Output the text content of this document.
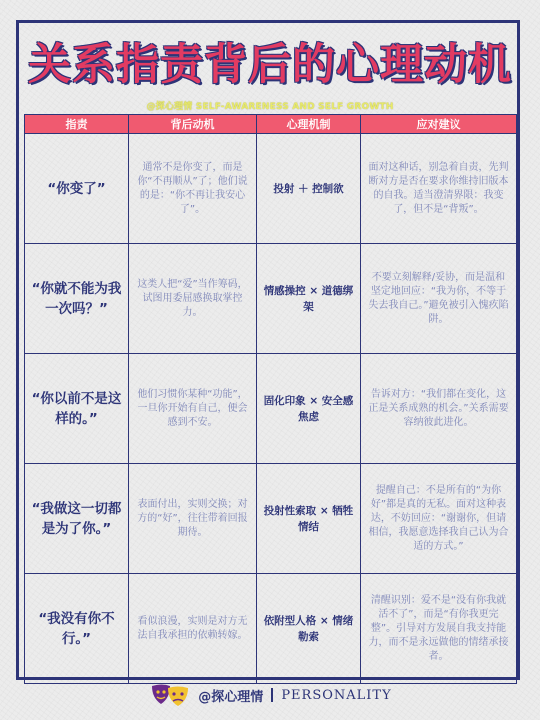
关系指责背后的心理动机
@探心理情 SELF-AWARENESS AND SELF GROWTH
指责	背后动机	心理机制	应对建议
“你变了”	通常不是你变了，而是你“不再顺从”了；他们说的是：“你不再让我安心了”。	投射 ＋ 控制欲	面对这种话，别急着自责，先判断对方是否在要求你维持旧版本的自我。适当澄清界限：我变了，但不是“背叛”。
“你就不能为我一次吗？”	这类人把“爱”当作筹码，试图用委屈感换取掌控力。	情感操控 × 道德绑架	不要立刻解释/妥协，而是温和坚定地回应：“我为你，不等于失去我自己。”避免被引入愧疚陷阱。
“你以前不是这样的。”	他们习惯你某种“功能”，一旦你开始有自己，便会感到不安。	固化印象 × 安全感焦虑	告诉对方：“我们都在变化，这正是关系成熟的机会。”关系需要容纳彼此进化。
“我做这一切都是为了你。”	表面付出，实则交换；对方的“好”，往往带着回报期待。	投射性索取 × 牺牲情结	提醒自己：不是所有的“为你好”都是真的无私。面对这种表达，不妨回应：“谢谢你，但请相信，我愿意选择我自己认为合适的方式。”
“我没有你不行。”	看似浪漫，实则是对方无法自我承担的依赖转嫁。	依附型人格 × 情绪勒索	清醒识别：爱不是“没有你我就活不了”，而是“有你我更完整”。引导对方发展自我支持能力，而不是永远做他的情绪承接者。
@探心理情 PERSONALITY
